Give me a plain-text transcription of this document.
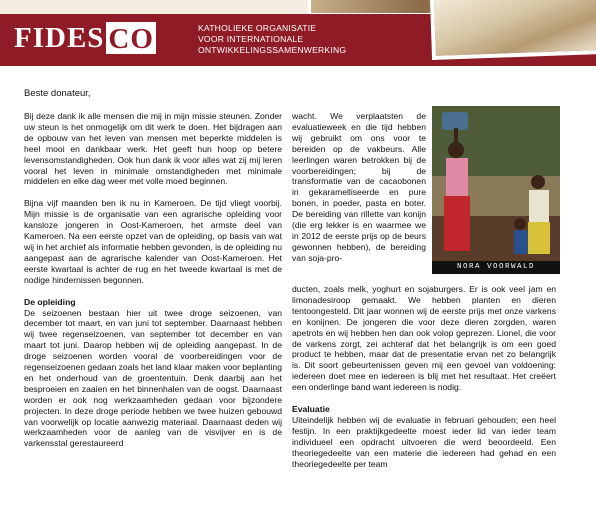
FIDES CO	KATHOLIEKE ORGANISATIE
VOOR INTERNATIONALE
ONTWIKKELINGSSAMENWERKING
Beste donateur,

Bij deze dank ik alle mensen die mij in mijn missie steunen. Zonder uw steun is het onmogelijk om dit werk te doen. Het bijdragen aan de opbouw van het leven van mensen met beperkte middelen is heel mooi en dankbaar werk. Het geeft hun hoop op betere levensomstandigheden. Ook hun dank ik voor alles wat zij mij leren vooral het leven in minimale omstandigheden met minimale middelen en elke dag weer met volle moed beginnen.

Bijna vijf maanden ben ik nu in Kameroen. De tijd vliegt voorbij. Mijn missie is de organisatie van een agrarische opleiding voor kansloze jongeren in Oost-Kameroen, het armste deel van Kameroen. Na een eerste opzet van de opleiding, op basis van wat wij in het archief als informatie hebben gevonden, is de opleiding nu aangepast aan de agrarische kalender van Oost-Kameroen. Het eerste kwartaal is achter de rug en het tweede kwartaal is met de nodige hindernissen begonnen.

De opleiding

De seizoenen bestaan hier uit twee droge seizoenen, van december tot maart, en van juni tot september. Daarnaast hebben wij twee regenseizoenen, van september tot december en van maart tot juni. Daarop hebben wij de opleiding aangepast. In de droge seizoenen worden vooral de voorbereidingen voor de regenseizoenen gedaan zoals het land klaar maken voor beplanting en het onderhoud van de groententuin. Denk daarbij aan het besproeien en zaaien en het binnenhalen van de oogst. Daarnaast worden er ook nog werkzaamheden gedaan voor bijzondere projecten. In deze droge periode hebben we twee huizen gebouwd van voorwelijk op locatie aanwezig materiaal. Daarnaast deden wij werkzaamheden voor de aanleg van de visvijver en is de varkensstal gerestaureerd

wacht. We verplaatsten de evaluatieweek en die tijd hebben wij gebruikt om ons voor te bereiden op de vakbeurs. Alle leerlingen waren betrokken bij de voorbereidingen; bij de transformatie van de cacaobonen in gekaramelliseerde en pure bonen, in poeder, pasta en boter. De bereiding van rillette van konijn (die erg lekker is en waarmee we in 2012 de eerste prijs op de beurs gewonnen hebben), de bereiding van soja-pro-

NORA VOORWALD

ducten, zoals melk, yoghurt en sojaburgers. Er is ook veel jam en limonadesiroop gemaakt. We hebben planten en dieren tentoongesteld. Dit jaar wonnen wij de eerste prijs met onze varkens en konijnen. De jongeren die voor deze dieren zorgden, waren apetrots en wij hebben hen dan ook volop geprezen. Lionel, die voor de varkens zorgt, zei achteraf dat het belangrijk is om een goed product te hebben, maar dat de presentatie ervan net zo belangrijk is. Dit soort gebeurtenissen geven mij een gevoel van voldoening: iedereen doet mee en iedereen is blij met het resultaat. Het creëert een onderlinge band want iedereen is nodig.

Evaluatie

Uiteindelijk hebben wij de evaluatie in februari gehouden; een heel festijn. In een praktijkgedeelte moest ieder lid van ieder team individueel een opdracht uitvoeren die werd beoordeeld. Een theoriegedeelte van een materie die iedereen had gehad en een theoriegedeelte per team
